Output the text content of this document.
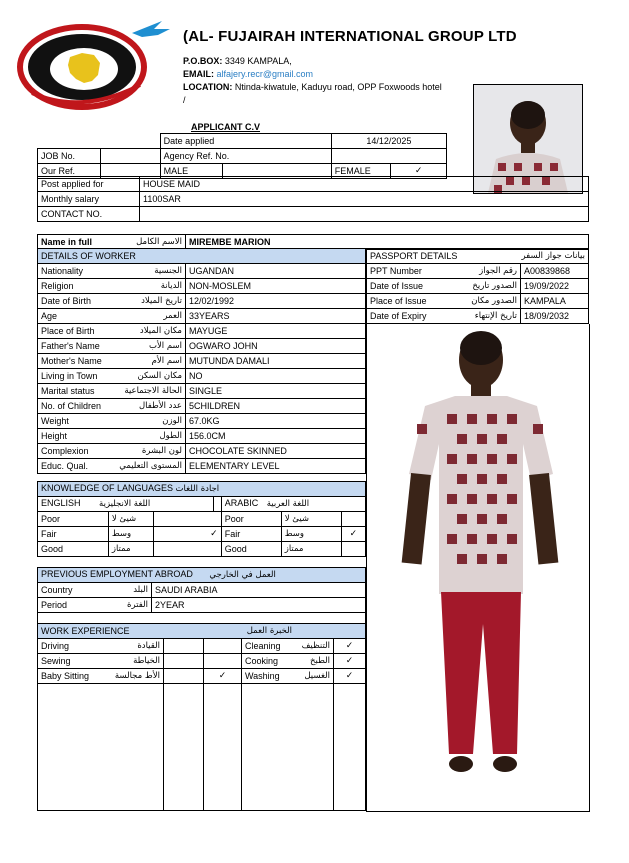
(AL- FUJAIRAH INTERNATIONAL GROUP LTD
P.O.BOX: 3349 KAMPALA,
EMAIL: alfajery.recr@gmail.com
LOCATION: Ntinda-kiwatule, Kaduyu road, OPP Foxwoods hotel
/
APPLICANT C.V
		Date applied		14/12/2025	
JOB No.		Agency Ref. No.			
Our Ref.		MALE		FEMALE	✓
Post applied for	HOUSE MAID
Monthly salary	1100SAR
CONTACT NO.	
Name in full	الاسم الكامل	MIREMBE MARION
DETAILS OF WORKER	
Nationality الجنسية	UGANDAN
Religion الديانة	NON-MOSLEM
Date of Birth تاريخ الميلاد	12/02/1992
Age العمر	33YEARS
Place of Birth مكان الميلاد	MAYUGE
Father's Name اسم الأب	OGWARO JOHN
Mother's Name اسم الأم	MUTUNDA DAMALI
Living in Town مكان السكن	NO
Marital status الحالة الاجتماعية	SINGLE
No. of Children عدد الأطفال	5CHILDREN
Weight الوزن	67.0KG
Height الطول	156.0CM
Complexion لون البشرة	CHOCOLATE SKINNED
Educ. Qual. المستوى التعليمي	ELEMENTARY LEVEL
PASSPORT DETAILS بيانات جواز السفر	

PPT Number رقم الجواز	A00839868
Date of Issue الصدور تاريخ	19/09/2022
Place of Issue الصدور مكان	KAMPALA
Date of Expiry تاريخ الإنتهاء	18/09/2032
KNOWLEDGE OF LANGUAGES اجادة اللغات						
ENGLISH اللغة الانجليزية				ARABIC اللغة العربية		
Poor	شيئ لا			Poor	شيئ لا	
Fair	وسط	✓		Fair	وسط	✓
Good	ممتاز			Good	ممتاز	
PREVIOUS EMPLOYMENT ABROAD العمل في الخارجي	
Country البلد	SAUDI ARABIA
Period الفترة	2YEAR

WORK EXPERIENCE الخبرة العمل				

Driving القيادة			Cleaning التنظيف	✓
Sewing الخياطة			Cooking الطبخ	✓
Baby Sitting الأط مجالسة		✓	Washing الغسيل	✓
